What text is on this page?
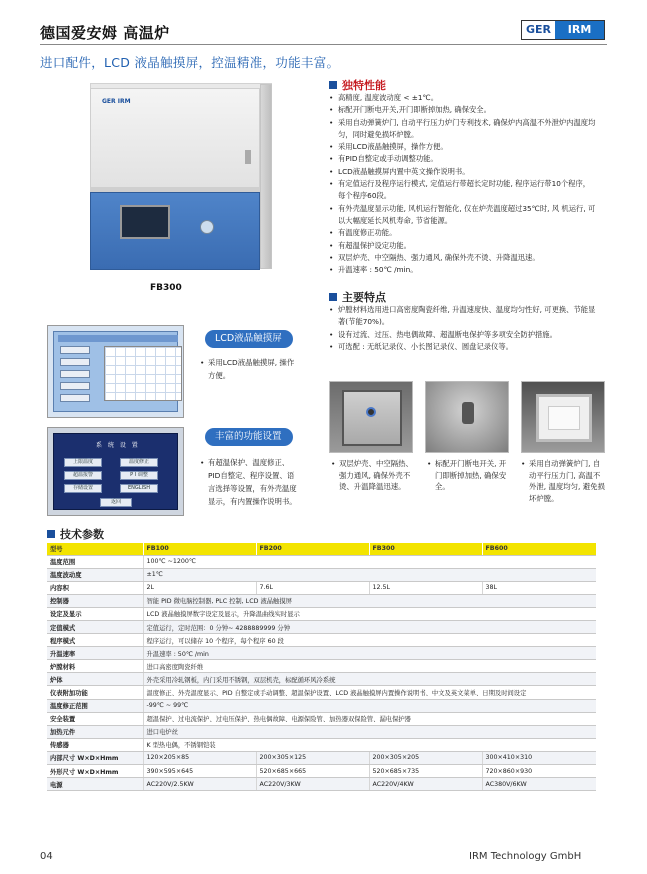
德国爱安姆 高温炉	GER	IRM
进口配件，LCD 液晶触摸屏，控温精准，功能丰富。
GER IRM
FB300
独特性能
• 高精度, 温度波动度 < ±1℃。
• 标配开门断电开关,开门即断掉加热, 确保安全。
• 采用自动弹簧炉门, 自动平行压力炉门专利技术, 确保炉内高温不外泄炉内温度均匀，同时避免损坏炉膛。
• 采用LCD液晶触摸屏，操作方便。
• 有PID自整定或手动调整功能。
• LCD液晶触摸屏内置中英文操作说明书。
• 有定值运行及程序运行模式, 定值运行带超长定时功能, 程序运行带10个程序，每个程序60段。
• 有外壳温度显示功能, 风机运行智能化, 仅在炉壳温度超过35℃时, 风 机运行, 可以大幅度延长风机寿命, 节省能源。
• 有温度修正功能。
• 有超温保护设定功能。
• 双层炉壳、中空隔热、强力通风, 确保外壳不烫、升降温迅速。
• 升温速率 : 50℃ /min。
主要特点
• 炉膛材料选用进口高密度陶瓷纤维, 升温速度快、温度均匀性好, 可更换、节能显著(节能70%)。
• 设有过流、过压、热电偶故障、超温断电保护等多项安全防护措施。
• 可选配 : 无纸记录仪、小长图记录仪、圆盘记录仪等。
LCD液晶触摸屏
• 采用LCD液晶触摸屏, 操作方便。
系 统 设 置
上限温度	温度修正
超温报警	P I 调整
存储设置	ENGLISH
返回
丰富的功能设置
• 有超温保护、温度修正、PID自整定、程序设置、语言选择等设置，有外壳温度显示，有内置操作说明书。
• 双层炉壳、中空隔热、强力通风, 确保外壳不烫、升温降温迅速。
• 标配开门断电开关, 开门即断掉加热, 确保安全。
• 采用自动弹簧炉门, 自动平行压力门, 高温不外泄, 温度均匀, 避免损坏炉膛。
技术参数
型号	FB100	FB200	FB300	FB600
温度范围	100℃ ~1200℃			
温度波动度	±1℃			
内容积	2L	7.6L	12.5L	38L
控制器	智能 PID 微电脑控制器, PLC 控制, LCD 液晶触摸屏			
设定及显示	LCD 液晶触摸屏数字设定及显示，升降温曲线实时显示			
定值模式	定值运行，定时范围：0 分钟~ 4288889999 分钟			
程序模式	程序运行，可以储存 10 个程序，每个程序 60 段			
升温速率	升温速率 : 50℃ /min			
炉膛材料	进口高密度陶瓷纤维			
炉体	外壳采用冷轧钢板，内门采用不锈钢，双层机壳，标配循环风冷系统			
仪表附加功能	温度修正、外壳温度显示、PID 自整定或手动调整、超温保护设置、LCD 液晶触摸屏内置操作说明书、中文及英文菜单、日期及时间设定			
温度修正范围	-99℃ ~ 99℃			
安全装置	超温保护、过电流保护、过电压保护、热电偶故障、电源保险管、加热器双保险管、漏电保护器			
加热元件	进口电炉丝			
传感器	K 型热电偶，不锈钢铠装			
内部尺寸 W×D×Hmm	120×205×85	200×305×125	200×305×205	300×410×310
外形尺寸 W×D×Hmm	390×595×645	520×685×665	520×685×735	720×860×930
电源	AC220V/2.5KW	AC220V/3KW	AC220V/4KW	AC380V/6KW
04	IRM Technology GmbH
